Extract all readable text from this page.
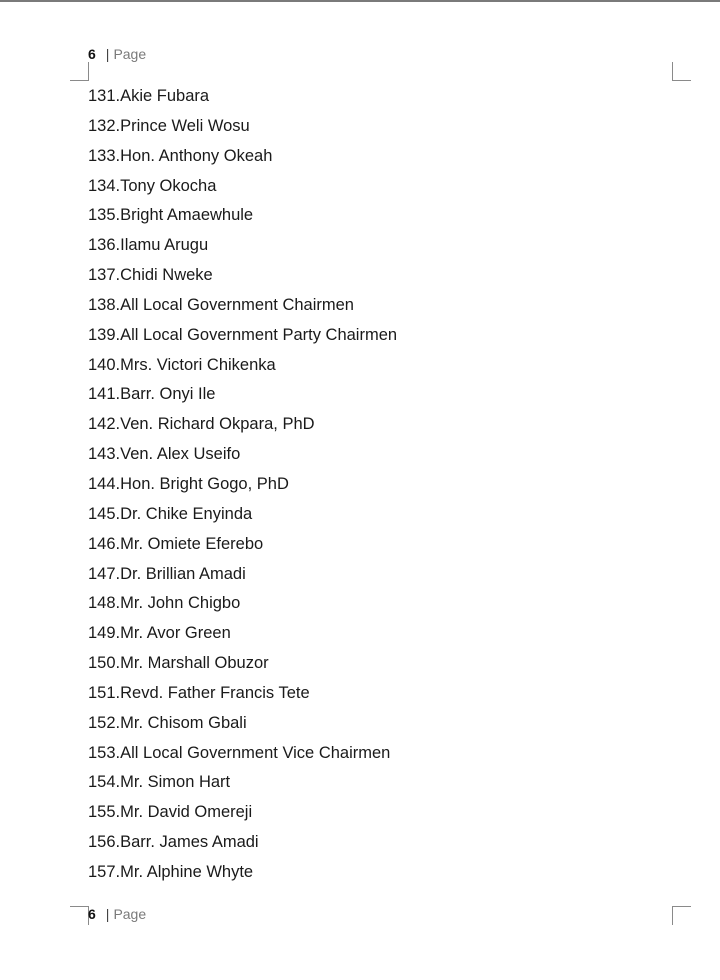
6 | Page
131.Akie Fubara
132.Prince Weli Wosu
133.Hon. Anthony Okeah
134.Tony Okocha
135.Bright Amaewhule
136.Ilamu Arugu
137.Chidi Nweke
138.All Local Government Chairmen
139.All Local Government Party Chairmen
140.Mrs. Victori Chikenka
141.Barr. Onyi Ile
142.Ven. Richard Okpara, PhD
143.Ven. Alex Useifo
144.Hon. Bright Gogo, PhD
145.Dr. Chike Enyinda
146.Mr. Omiete Eferebo
147.Dr. Brillian Amadi
148.Mr. John Chigbo
149.Mr. Avor Green
150.Mr. Marshall Obuzor
151.Revd. Father Francis Tete
152.Mr. Chisom Gbali
153.All Local Government Vice Chairmen
154.Mr. Simon Hart
155.Mr. David Omereji
156.Barr. James Amadi
157.Mr. Alphine Whyte
6 | Page
